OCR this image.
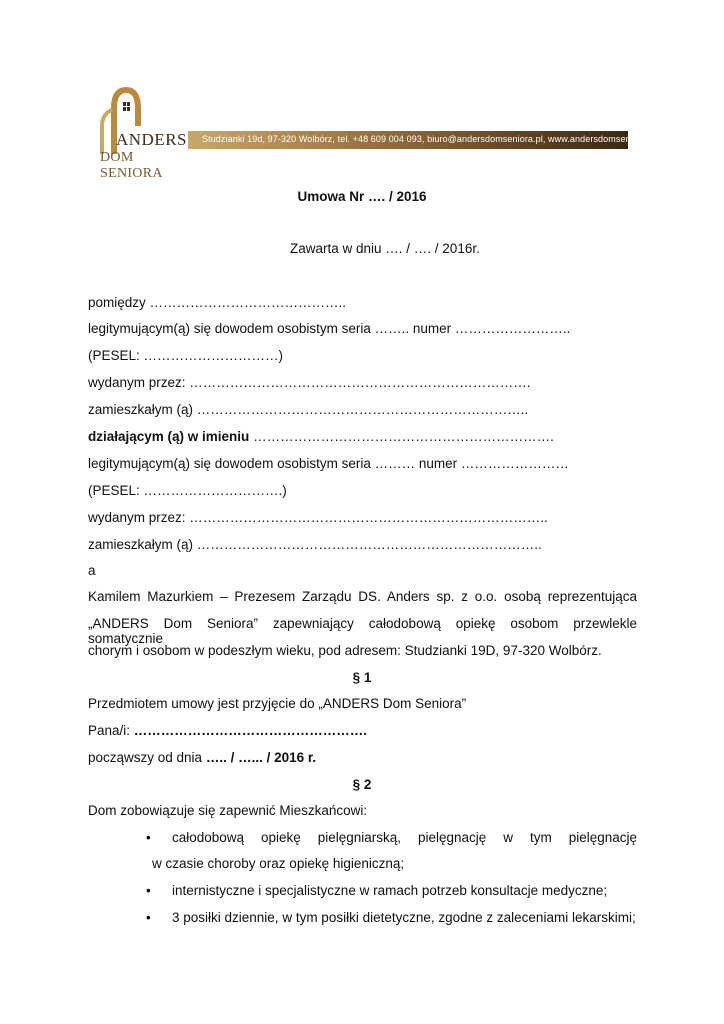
ANDERS
DOM SENIORA
Studzianki 19d, 97-320 Wolbórz, tel. +48 609 004 093, biuro@andersdomseniora.pl, www.andersdomseniora.pl
Umowa Nr …. / 2016
Zawarta w dniu …. / …. / 2016r.
pomiędzy ……………………………………..
legitymującym(ą) się dowodem osobistym seria …….. numer ……………………..
(PESEL: …………………………)
wydanym przez: ………………………………………………………………….
zamieszkałym (ą) ………………………………………………………………..
działającym (ą) w imieniu ………………………………………………………….
legitymującym(ą) się dowodem osobistym seria ……… numer ……………………
(PESEL: ………………………….)
wydanym przez: ……………………………………………………………………..
zamieszkałym (ą) …………………………………………………………………..
a
Kamilem Mazurkiem – Prezesem Zarządu DS. Anders sp. z o.o. osobą reprezentująca
„ANDERS Dom Seniora” zapewniający całodobową opiekę osobom przewlekle somatycznie
chorym i osobom w podeszłym wieku, pod adresem: Studzianki 19D, 97-320 Wolbórz.
§ 1
Przedmiotem umowy jest przyjęcie do „ANDERS Dom Seniora”
Pana/i: …………………………………………….
począwszy od dnia ….. / …... / 2016 r.
§ 2
Dom zobowiązuje się zapewnić Mieszkańcowi:
• całodobową opiekę pielęgniarską, pielęgnację w tym pielęgnację
w czasie choroby oraz opiekę higieniczną;
• internistyczne i specjalistyczne w ramach potrzeb konsultacje medyczne;
• 3 posiłki dziennie, w tym posiłki dietetyczne, zgodne z zaleceniami lekarskimi;
